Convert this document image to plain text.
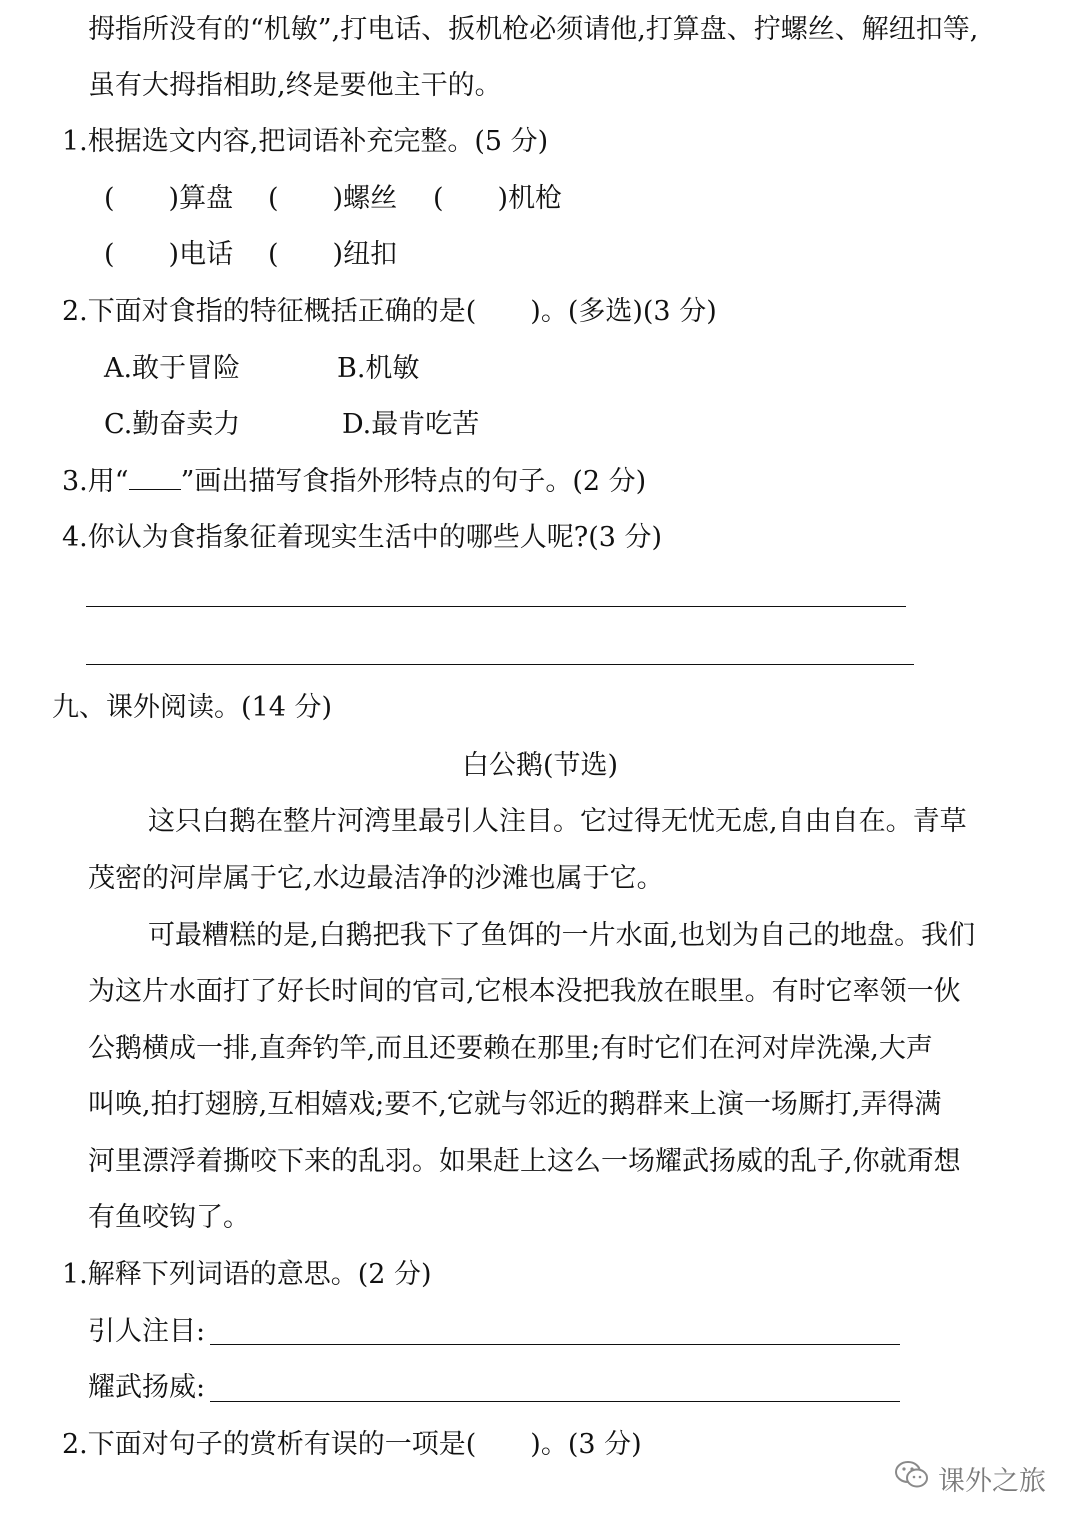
拇指所没有的“机敏”,打电话、扳机枪必须请他,打算盘、拧螺丝、解纽扣等,
虽有大拇指相助,终是要他主干的。
1.根据选文内容,把词语补充完整。(5 分)
(　　)算盘 (　　)螺丝 (　　)机枪
(　　)电话 (　　)纽扣
2.下面对食指的特征概括正确的是(　　)。(多选)(3 分)
A.敢于冒险	B.机敏
C.勤奋卖力	D.最肯吃苦
3.用“ ”画出描写食指外形特点的句子。(2 分)
4.你认为食指象征着现实生活中的哪些人呢?(3 分)
九、课外阅读。(14 分)
白公鹅(节选)
这只白鹅在整片河湾里最引人注目。它过得无忧无虑,自由自在。青草
茂密的河岸属于它,水边最洁净的沙滩也属于它。
可最糟糕的是,白鹅把我下了鱼饵的一片水面,也划为自己的地盘。我们
为这片水面打了好长时间的官司,它根本没把我放在眼里。有时它率领一伙
公鹅横成一排,直奔钓竿,而且还要赖在那里;有时它们在河对岸洗澡,大声
叫唤,拍打翅膀,互相嬉戏;要不,它就与邻近的鹅群来上演一场厮打,弄得满
河里漂浮着撕咬下来的乱羽。如果赶上这么一场耀武扬威的乱子,你就甭想
有鱼咬钩了。
1.解释下列词语的意思。(2 分)
引人注目:
耀武扬威:
2.下面对句子的赏析有误的一项是(　　)。(3 分)
课外之旅
